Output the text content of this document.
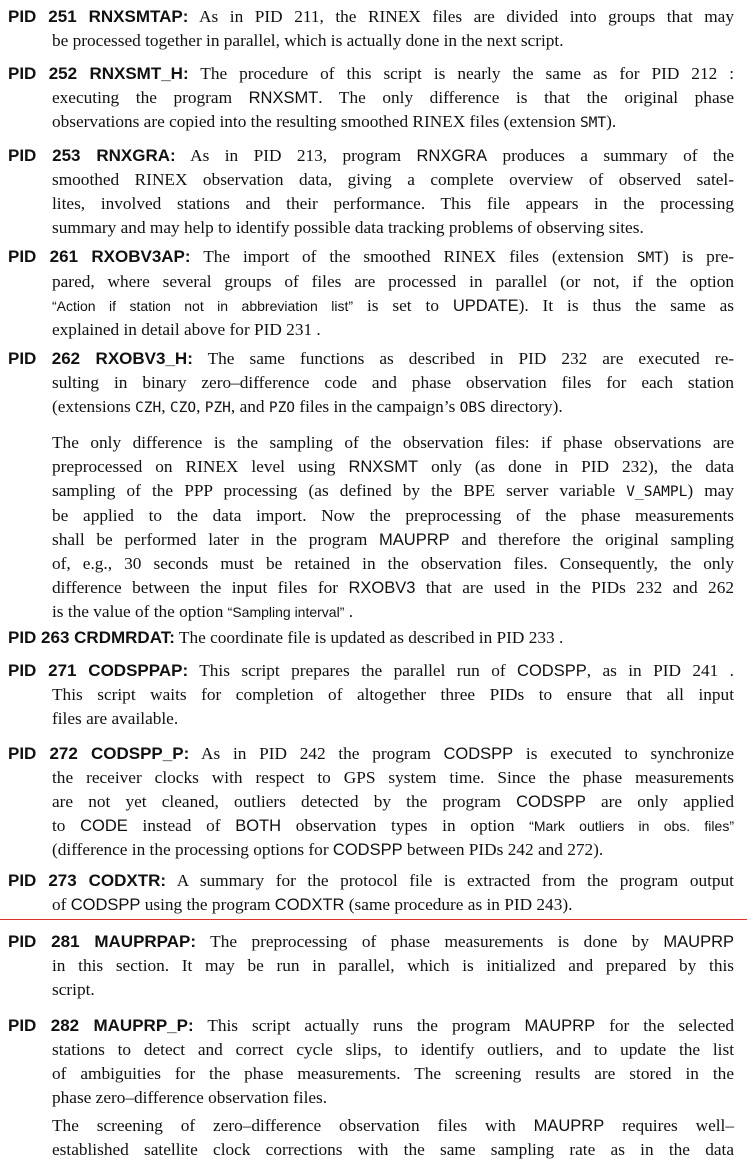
PID 251 RNXSMTAP: As in PID 211, the RINEX files are divided into groups that may
be processed together in parallel, which is actually done in the next script.
PID 252 RNXSMT_H: The procedure of this script is nearly the same as for PID 212 :
executing the program RNXSMT. The only difference is that the original phase
observations are copied into the resulting smoothed RINEX files (extension SMT).
PID 253 RNXGRA: As in PID 213, program RNXGRA produces a summary of the
smoothed RINEX observation data, giving a complete overview of observed satel-
lites, involved stations and their performance. This file appears in the processing
summary and may help to identify possible data tracking problems of observing sites.
PID 261 RXOBV3AP: The import of the smoothed RINEX files (extension SMT) is pre-
pared, where several groups of files are processed in parallel (or not, if the option
“Action if station not in abbreviation list” is set to UPDATE). It is thus the same as
explained in detail above for PID 231 .
PID 262 RXOBV3_H: The same functions as described in PID 232 are executed re-
sulting in binary zero–difference code and phase observation files for each station
(extensions CZH, CZO, PZH, and PZO files in the campaign’s OBS directory).
The only difference is the sampling of the observation files: if phase observations are
preprocessed on RINEX level using RNXSMT only (as done in PID 232), the data
sampling of the PPP processing (as defined by the BPE server variable V_SAMPL) may
be applied to the data import. Now the preprocessing of the phase measurements
shall be performed later in the program MAUPRP and therefore the original sampling
of, e.g., 30 seconds must be retained in the observation files. Consequently, the only
difference between the input files for RXOBV3 that are used in the PIDs 232 and 262
is the value of the option “Sampling interval” .
PID 263 CRDMRDAT: The coordinate file is updated as described in PID 233 .
PID 271 CODSPPAP: This script prepares the parallel run of CODSPP, as in PID 241 .
This script waits for completion of altogether three PIDs to ensure that all input
files are available.
PID 272 CODSPP_P: As in PID 242 the program CODSPP is executed to synchronize
the receiver clocks with respect to GPS system time. Since the phase measurements
are not yet cleaned, outliers detected by the program CODSPP are only applied
to CODE instead of BOTH observation types in option “Mark outliers in obs. files”
(difference in the processing options for CODSPP between PIDs 242 and 272).
PID 273 CODXTR: A summary for the protocol file is extracted from the program output
of CODSPP using the program CODXTR (same procedure as in PID 243).
PID 281 MAUPRPAP: The preprocessing of phase measurements is done by MAUPRP
in this section. It may be run in parallel, which is initialized and prepared by this
script.
PID 282 MAUPRP_P: This script actually runs the program MAUPRP for the selected
stations to detect and correct cycle slips, to identify outliers, and to update the list
of ambiguities for the phase measurements. The screening results are stored in the
phase zero–difference observation files.
The screening of zero–difference observation files with MAUPRP requires well–
established satellite clock corrections with the same sampling rate as in the data
